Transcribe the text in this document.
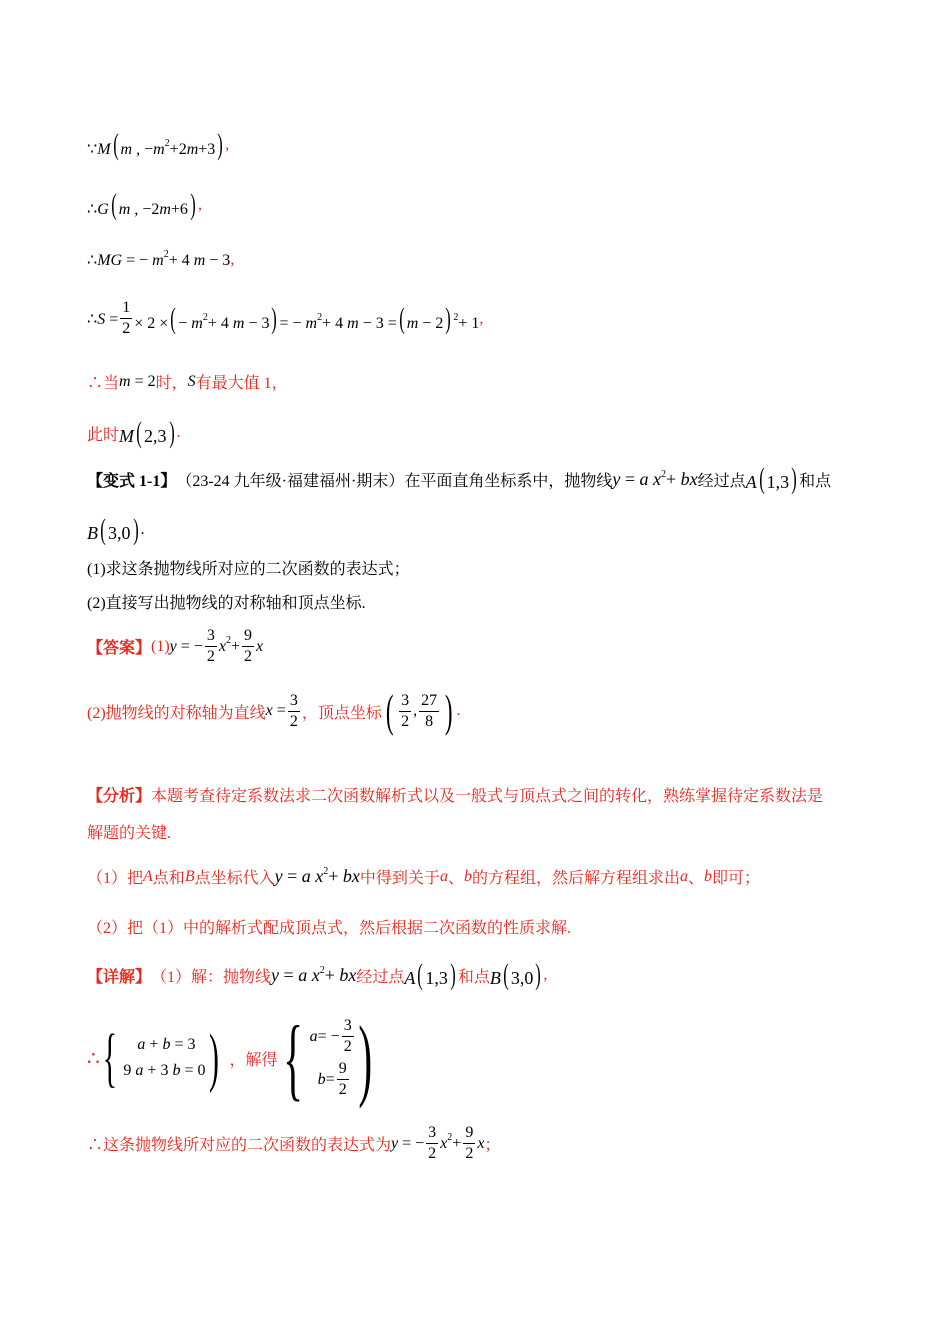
∵M( m , $-m^2+2m+3$) ,
∴G( m , −2m+6) ,
∴MG = − $m^2+ 4$ m − 3 ,
∴S = $\frac{1}{2} \times 2$ ×( − $m^2+ 4$ m − 3) = − $m^2+ 4$ m − 3 =( m − 2) $^2$+ 1 ,
∴当 m = 2 时， S 有最大值 1，
此时 M( 2,3) .
【变式 1-1】 （23-24 九年级·福建福州·期末）在平面直角坐标系中，抛物线 y = a $x^2+$ bx 经过点 A( 1,3) 和点
B( 3,0) .
(1)求这条抛物线所对应的二次函数的表达式；
(2)直接写出抛物线的对称轴和顶点坐标.
【答案】 (1) y = − $\frac{3}{2} x^2+ \frac{9}{2}$ x
(2)抛物线的对称轴为直线 $x = \frac{3}{2}$ ，顶点坐标 ( $\frac{3}{2}$ , $\frac{27}{8}$ ) .
【分析】 本题考查待定系数法求二次函数解析式以及一般式与顶点式之间的转化，熟练掌握待定系数法是
解题的关键.
（1）把 A 点和 B 点坐标代入 y = a $x^2+$ bx 中得到关于 a 、 b 的方程组，然后解方程组求出 a 、 b 即可；
（2）把（1）中的解析式配成顶点式，然后根据二次函数的性质求解.
【详解】 （1）解：抛物线 y = a $x^2+$ bx 经过点 A( 1,3) 和点 B( 3,0) ,
∴ {	a + b = 3
9 a + 3 b = 0 ) ，解得 { a = − $\frac{3}{2}$
$b = \frac{9}{2}$ )
∴这条抛物线所对应的二次函数的表达式为 y = − $\frac{3}{2} x^2+ \frac{9}{2}$ x ；
